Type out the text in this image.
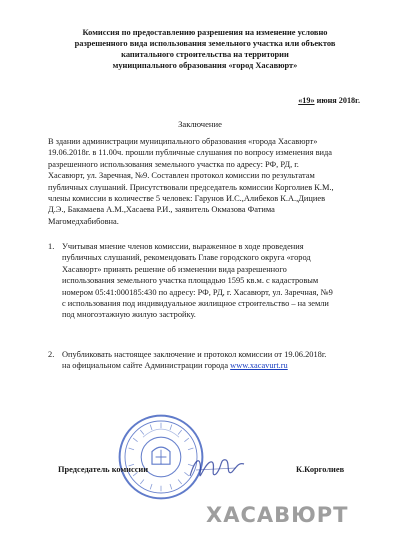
Комиссия по предоставлению разрешения на изменение условно
разрешенного вида использования земельного участка или объектов
капитального строительства на территории
муниципального образования «город Хасавюрт»
«19» июня 2018г.
Заключение
В здании администрации муниципального образования «города Хасавюрт»
19.06.2018г. в 11.00ч. прошли публичные слушания по вопросу изменения вида
разрешенного использования земельного участка по адресу: РФ, РД, г.
Хасавюрт, ул. Заречная, №9. Составлен протокол комиссии по результатам
публичных слушаний. Присутствовали председатель комиссии Корголиев К.М.,
члены комиссии в количестве 5 человек: Гарунов И.С.,Алибеков К.А.,Дициев
Д.Э., Бакамаева А.М.,Хасаева Р.И., заявитель Окмазова Фатима
Магомедхабибовна.
1. Учитывая мнение членов комиссии, выраженное в ходе проведения
публичных слушаний, рекомендовать Главе городского округа «город
Хасавюрт» принять решение об изменении вида разрешенного
использования земельного участка площадью 1595 кв.м. с кадастровым
номером 05:41:000185:430 по адресу: РФ, РД, г. Хасавюрт, ул. Заречная, №9
с использования под индивидуальное жилищное строительство – на земли
под многоэтажную жилую застройку.
2. Опубликовать настоящее заключение и протокол комиссии от 19.06.2018г.
на официальном сайте Администрации города www.xacavurt.ru
Председатель комиссии	К.Корголиев
ХАСАВЮРТ
